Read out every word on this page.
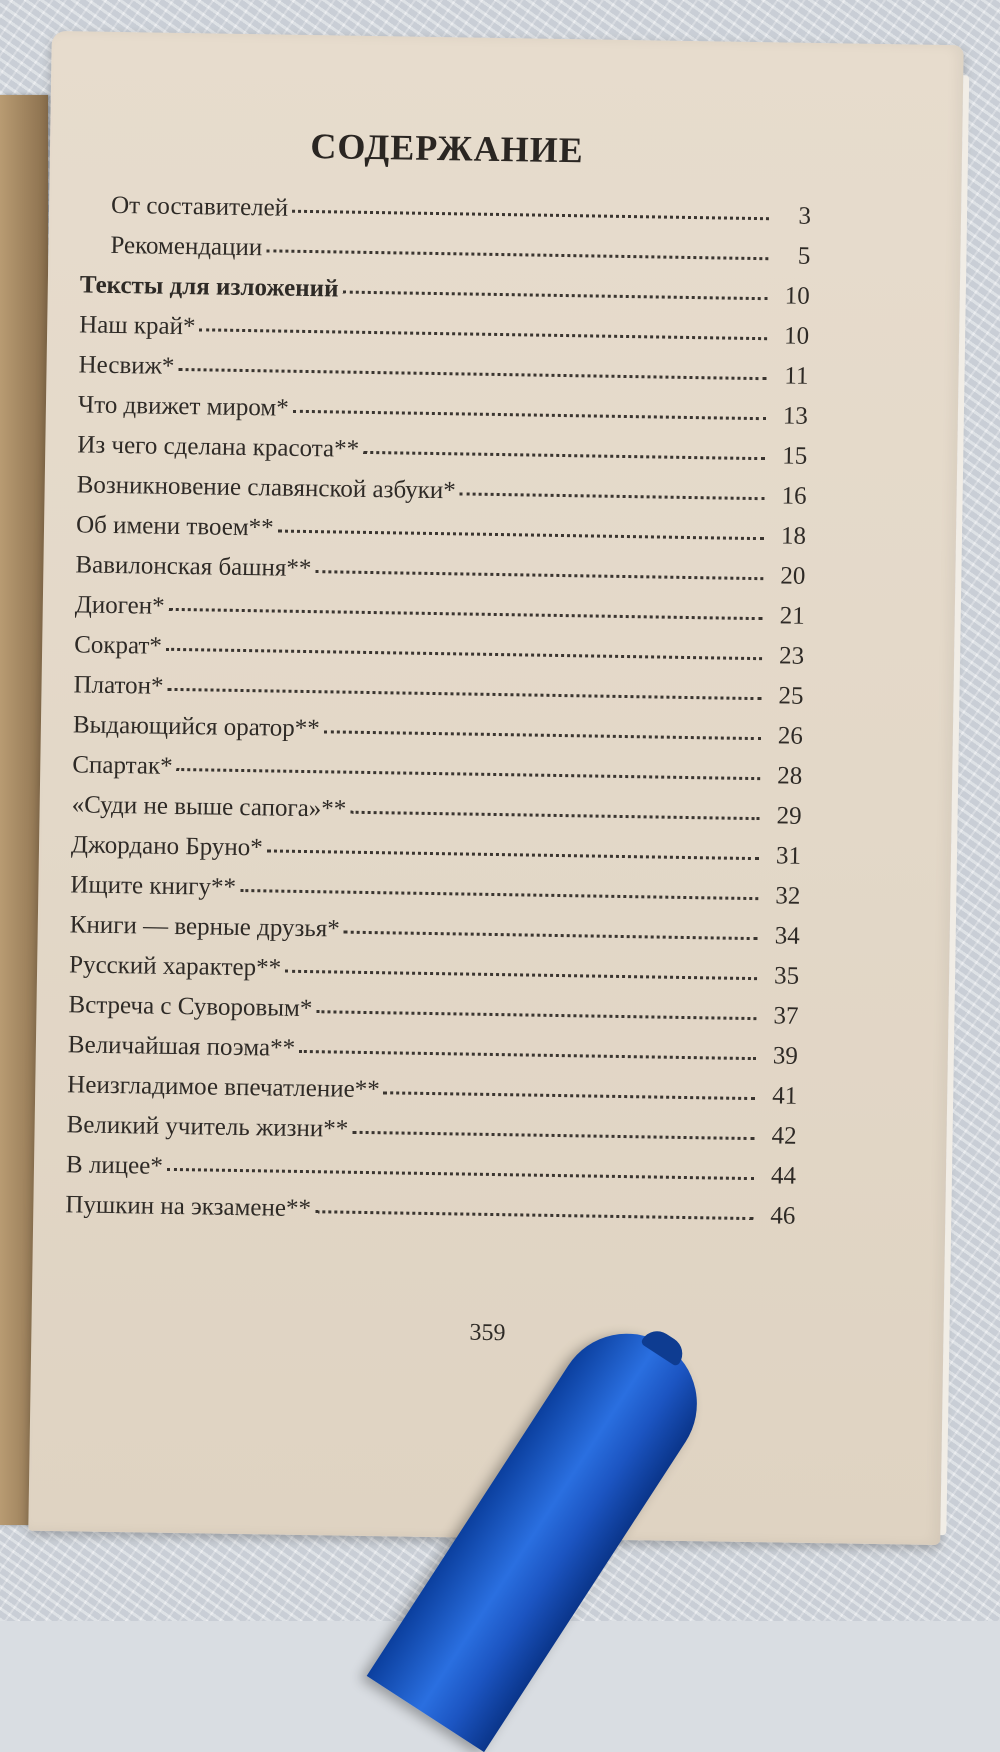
СОДЕРЖАНИЕ
От составителей	3
Рекомендации	5
Тексты для изложений	10
Наш край*	10
Несвиж*	11
Что движет миром*	13
Из чего сделана красота**	15
Возникновение славянской азбуки*	16
Об имени твоем**	18
Вавилонская башня**	20
Диоген*	21
Сократ*	23
Платон*	25
Выдающийся оратор**	26
Спартак*	28
«Суди не выше сапога»**	29
Джордано Бруно*	31
Ищите книгу**	32
Книги — верные друзья*	34
Русский характер**	35
Встреча с Суворовым*	37
Величайшая поэма**	39
Неизгладимое впечатление**	41
Великий учитель жизни**	42
В лицее*	44
Пушкин на экзамене**	46
359
